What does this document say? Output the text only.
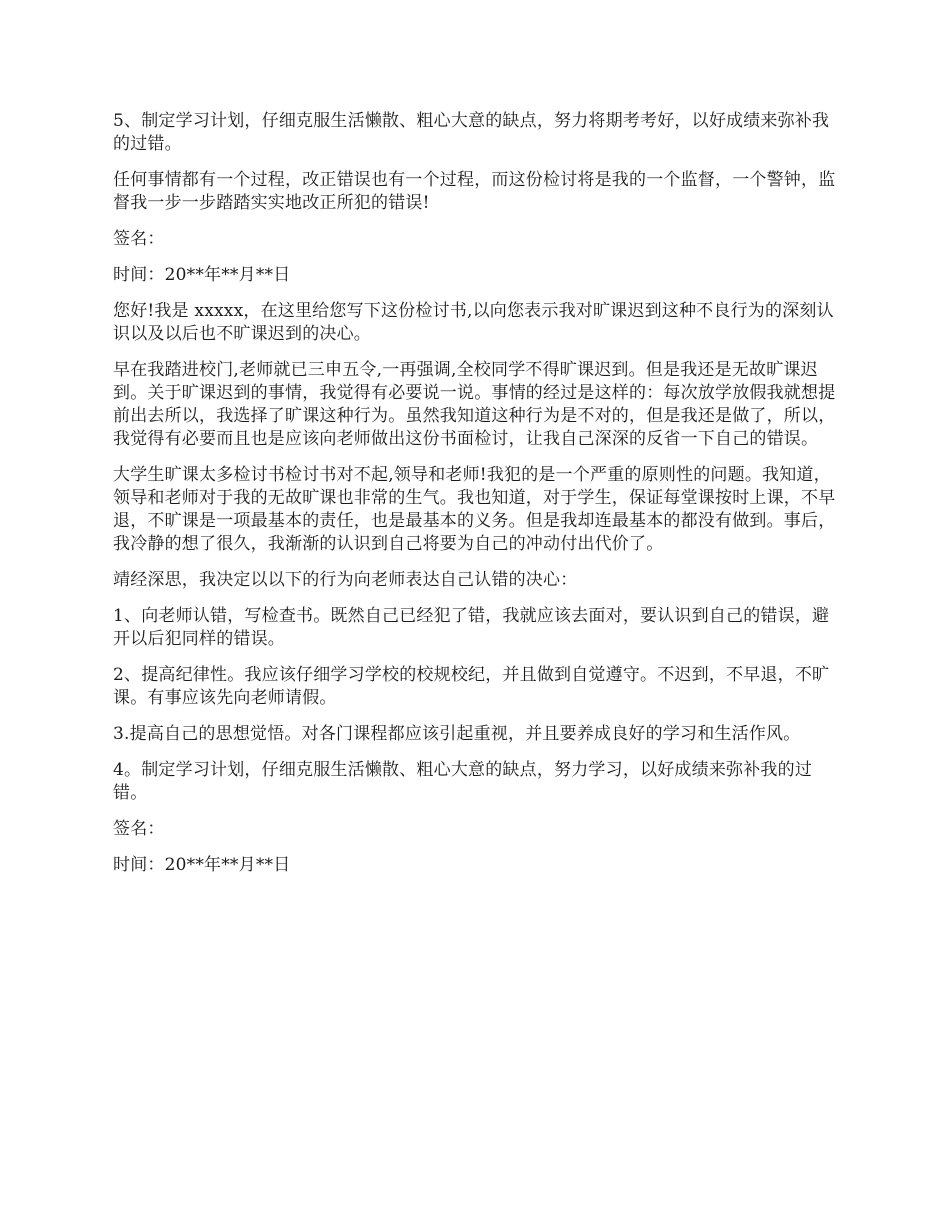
5、制定学习计划，仔细克服生活懒散、粗心大意的缺点，努力将期考考好，以好成绩来弥补我的过错。

任何事情都有一个过程，改正错误也有一个过程，而这份检讨将是我的一个监督，一个警钟，监督我一步一步踏踏实实地改正所犯的错误!

签名：

时间：20**年**月**日

您好!我是 xxxxx，在这里给您写下这份检讨书,以向您表示我对旷课迟到这种不良行为的深刻认识以及以后也不旷课迟到的决心。

早在我踏进校门,老师就已三申五令,一再强调,全校同学不得旷课迟到。但是我还是无故旷课迟到。关于旷课迟到的事情，我觉得有必要说一说。事情的经过是这样的：每次放学放假我就想提前出去所以，我选择了旷课这种行为。虽然我知道这种行为是不对的，但是我还是做了，所以，我觉得有必要而且也是应该向老师做出这份书面检讨，让我自己深深的反省一下自己的错误。

大学生旷课太多检讨书检讨书对不起,领导和老师!我犯的是一个严重的原则性的问题。我知道，领导和老师对于我的无故旷课也非常的生气。我也知道，对于学生，保证每堂课按时上课，不早退，不旷课是一项最基本的责任，也是最基本的义务。但是我却连最基本的都没有做到。事后，我冷静的想了很久，我渐渐的认识到自己将要为自己的冲动付出代价了。

靖经深思，我决定以以下的行为向老师表达自己认错的决心：

1、向老师认错，写检查书。既然自己已经犯了错，我就应该去面对，要认识到自己的错误，避开以后犯同样的错误。

2、提高纪律性。我应该仔细学习学校的校规校纪，并且做到自觉遵守。不迟到，不早退，不旷课。有事应该先向老师请假。

3.提高自己的思想觉悟。对各门课程都应该引起重视，并且要养成良好的学习和生活作风。

4。制定学习计划，仔细克服生活懒散、粗心大意的缺点，努力学习，以好成绩来弥补我的过错。

签名：

时间：20**年**月**日
